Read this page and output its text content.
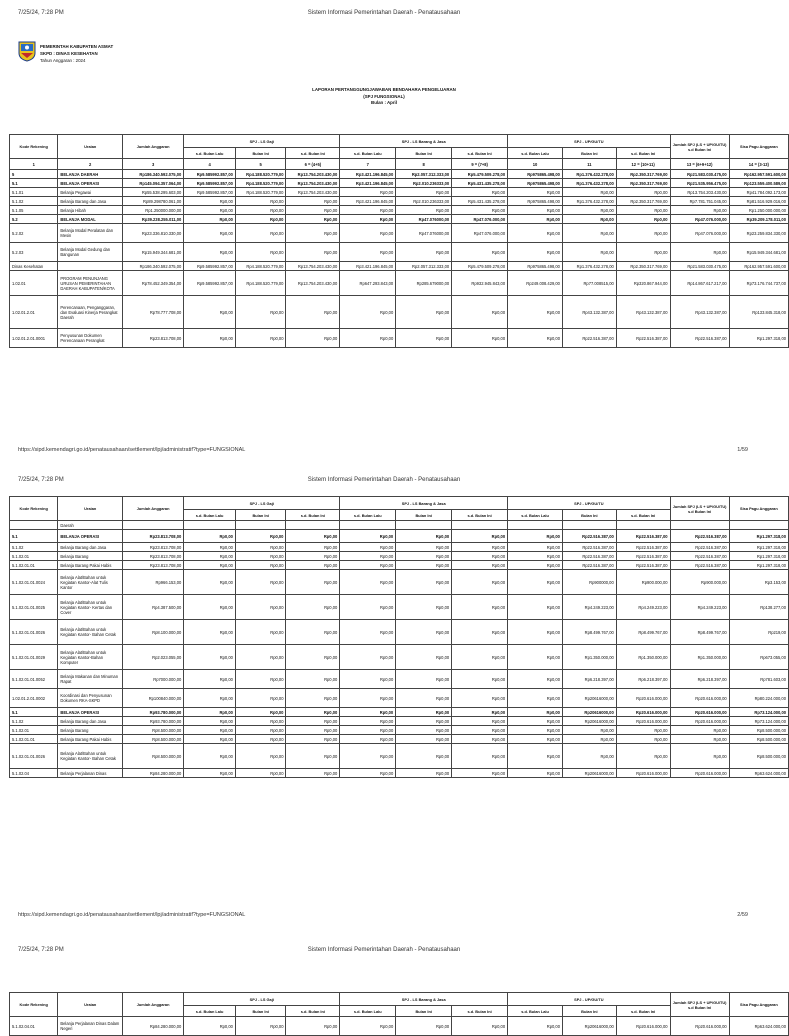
7/25/24, 7:28 PM	Sistem Informasi Pemerintahan Daerah - Penatausahaan
PEMERINTAH KABUPATEN ASMAT
SKPD : DINAS KESEHATAN
Tahun Anggaran : 2024
LAPORAN PERTANGGUNGJAWABAN BENDAHARA PENGELUARAN
(SPJ FUNGSIONAL)
Bulan : April
Kode Rekening	Uraian	Jumlah Anggaran	SPJ - LS Gaji			SPJ - LS Barang & Jasa			SPJ - UP/GU/TU			Jumlah SPJ (LS + UP/GU/TU) s.d Bulan Ini	Sisa Pagu Anggaran
			s.d. Bulan Lalu	Bulan Ini	s.d. Bulan Ini	s.d. Bulan Lalu	Bulan Ini	s.d. Bulan Ini	s.d. Bulan Lalu	Bulan Ini	s.d. Bulan Ini		
1	2	3	4	5	6 = (4+5)	7	8	9 = (7+8)	10	11	12 = (10+11)	13 = (6+9+12)	14 = (3-13)
5	BELANJA DAERAH	Rp186.340.592.075,00	Rp9.585992.857,00	Rp4.188.520.779,00	Rp13.754.203.430,00	Rp3.421.196.845,00	Rp2.057.312.333,00	Rp5.479.509.278,00	Rp975865.498,00	Rp1.376.432.278,00	Rp2.350.317.769,00	Rp21.583.030.475,00	Rp162.957.591.600,00
5.1	BELANJA OPERASI	Rp145.094.357.064,00	Rp9.585992.857,00	Rp4.188.520.779,00	Rp13.754.203.430,00	Rp3.421.196.845,00	Rp2.010.236333,00	Rp5.431.435.278,00	Rp975865.498,00	Rp1.376.432.278,00	Rp2.350.317.769,00	Rp21.535.956.475,00	Rp123.559.400.589,00
5.1.01	Belanja Pegawai	Rp55.538.295.603,00	Rp9.585992.857,00	Rp4.188.520.779,00	Rp13.754.203.430,00	Rp0,00	Rp0,00	Rp0,00	Rp0,00	Rp0,00	Rp0,00	Rp13.754.203.430,00	Rp41.784.092.173,00
5.1.02	Belanja Barang dan Jasa	Rp89.298780.061,00	Rp0,00	Rp0,00	Rp0,00	Rp3.421.196.845,00	Rp2.010.236333,00	Rp5.431.435.278,00	Rp975865.498,00	Rp1.376.432.278,00	Rp2.350.317.769,00	Rp7.781.751.045,00	Rp81.516.929.016,00
5.1.05	Belanja Hibah	Rp1.250000.000,00	Rp0,00	Rp0,00	Rp0,00	Rp0,00	Rp0,00	Rp0,00	Rp0,00	Rp0,00	Rp0,00	Rp0,00	Rp1.250.000.000,00
5.2	BELANJA MODAL	Rp39.238.255.011,00	Rp0,00	Rp0,00	Rp0,00	Rp0,00	Rp47.076000,00	Rp47.076.000,00	Rp0,00	Rp0,00	Rp0,00	Rp47.076.000,00	Rp39.209.178.011,00
5.2.02	Belanja Modal Peralatan dan Mesin	Rp23.336.810.330,00	Rp0,00	Rp0,00	Rp0,00	Rp0,00	Rp47.076000,00	Rp47.076.000,00	Rp0,00	Rp0,00	Rp0,00	Rp47.076.000,00	Rp23.259.834.330,00
5.2.03	Belanja Modal Gedung dan Bangunan	Rp15.949.344.681,00	Rp0,00	Rp0,00	Rp0,00	Rp0,00	Rp0,00	Rp0,00	Rp0,00	Rp0,00	Rp0,00	Rp0,00	Rp15.949.344.681,00
Dinas Kesehatan		Rp186.340.592.075,00	Rp9.585992.857,00	Rp4.188.520.779,00	Rp13.754.203.430,00	Rp3.421.196.845,00	Rp2.057.312.333,00	Rp5.479.509.278,00	Rp975865.498,00	Rp1.376.432.278,00	Rp2.350.317.769,00	Rp21.583.030.475,00	Rp162.957.591.600,00
1.02.01	PROGRAM PENUNJANG URUSAN PEMERINTAHAN DAERAH KABUPATEN/KOTA	Rp78.452.349.354,00	Rp9.585992.857,00	Rp4.188.520.779,00	Rp13.754.203.430,00	Rp647.293.843,00	Rp285.679000,00	Rp932.945.843,00	Rp249.008.429,00	Rp77.008515,00	Rp320.867.944,00	Rp14.867.617.217,00	Rp73.176.744.737,00
1.02.01.2.01	Perencanaan, Penganggaran, dan Evaluasi Kinerja Perangkat Daerah	Rp78.777.708,00	Rp0,00	Rp0,00	Rp0,00	Rp0,00	Rp0,00	Rp0,00	Rp0,00	Rp43.132.387,00	Rp43.132.387,00	Rp43.132.387,00	Rp133.845.318,00
1.02.01.2.01.0001	Penyusunan Dokumen Perencanaan Perangkat	Rp23.813.708,00	Rp0,00	Rp0,00	Rp0,00	Rp0,00	Rp0,00	Rp0,00	Rp0,00	Rp22.516.387,00	Rp22.516.387,00	Rp22.516.387,00	Rp1.297.318,00
https://sipd.kemendagri.go.id/penatausahaan/settlement/lpj/administratif?type=FUNGSIONAL	1/59
7/25/24, 7:28 PM	Sistem Informasi Pemerintahan Daerah - Penatausahaan
Kode Rekening	Uraian	Jumlah Anggaran	SPJ - LS Gaji			SPJ - LS Barang & Jasa			SPJ - UP/GU/TU			Jumlah SPJ (LS + UP/GU/TU) s.d Bulan Ini	Sisa Pagu Anggaran
			s.d. Bulan Lalu	Bulan Ini	s.d. Bulan Ini	s.d. Bulan Lalu	Bulan Ini	s.d. Bulan Ini	s.d. Bulan Lalu	Bulan Ini	s.d. Bulan Ini		
	Daerah												
5.1	BELANJA OPERASI	Rp23.813.708,00	Rp0,00	Rp0,00	Rp0,00	Rp0,00	Rp0,00	Rp0,00	Rp0,00	Rp22.516.387,00	Rp22.516.387,00	Rp22.516.387,00	Rp1.297.318,00
5.1.02	Belanja Barang dan Jasa	Rp23.813.708,00	Rp0,00	Rp0,00	Rp0,00	Rp0,00	Rp0,00	Rp0,00	Rp0,00	Rp22.516.387,00	Rp22.516.387,00	Rp22.516.387,00	Rp1.297.318,00
5.1.02.01	Belanja Barang	Rp23.813.708,00	Rp0,00	Rp0,00	Rp0,00	Rp0,00	Rp0,00	Rp0,00	Rp0,00	Rp22.516.387,00	Rp22.516.387,00	Rp22.516.387,00	Rp1.297.318,00
5.1.02.01.01	Belanja Barang Pakai Habis	Rp23.813.708,00	Rp0,00	Rp0,00	Rp0,00	Rp0,00	Rp0,00	Rp0,00	Rp0,00	Rp22.516.387,00	Rp22.516.387,00	Rp22.516.387,00	Rp1.297.318,00
5.1.02.01.01.0024	Belanja Alat/Bahan untuk Kegiatan Kantor-Alat Tulis Kantor	Rp966.153,00	Rp0,00	Rp0,00	Rp0,00	Rp0,00	Rp0,00	Rp0,00	Rp0,00	Rp900000,00	Rp900.000,00	Rp900.000,00	Rp3.153,00
5.1.02.01.01.0025	Belanja Alat/Bahan untuk Kegiatan Kantor- Kertas dan Cover	Rp4.387.500,00	Rp0,00	Rp0,00	Rp0,00	Rp0,00	Rp0,00	Rp0,00	Rp0,00	Rp4.249.223,00	Rp4.249.223,00	Rp4.249.223,00	Rp138.277,00
5.1.02.01.01.0026	Belanja Alat/Bahan untuk Kegiatan Kantor- Bahan Cetak	Rp8.100.000,00	Rp0,00	Rp0,00	Rp0,00	Rp0,00	Rp0,00	Rp0,00	Rp0,00	Rp8.499.767,00	Rp8.499.767,00	Rp8.499.767,00	Rp219,00
5.1.02.01.01.0029	Belanja Alat/Bahan untuk Kegiatan Kantor-Bahan Komputer	Rp2.023.055,00	Rp0,00	Rp0,00	Rp0,00	Rp0,00	Rp0,00	Rp0,00	Rp0,00	Rp1.350.000,00	Rp1.350.000,00	Rp1.350.000,00	Rp673.055,00
5.1.02.01.01.0052	Belanja Makanan dan Minuman Rapat	Rp7000.000,00	Rp0,00	Rp0,00	Rp0,00	Rp0,00	Rp0,00	Rp0,00	Rp0,00	Rp6.218.397,00	Rp6.218.397,00	Rp6.218.397,00	Rp781.603,00
1.02.01.2.01.0002	Koordinasi dan Penyusunan Dokumen RKA-SKPD	Rp100840.000,00	Rp0,00	Rp0,00	Rp0,00	Rp0,00	Rp0,00	Rp0,00	Rp0,00	Rp20616000,00	Rp20.616.000,00	Rp20.616.000,00	Rp80.224.000,00
5.1	BELANJA OPERASI	Rp93.780.000,00	Rp0,00	Rp0,00	Rp0,00	Rp0,00	Rp0,00	Rp0,00	Rp0,00	Rp20616000,00	Rp20.616.000,00	Rp20.616.000,00	Rp73.124.000,00
5.1.02	Belanja Barang dan Jasa	Rp93.780.000,00	Rp0,00	Rp0,00	Rp0,00	Rp0,00	Rp0,00	Rp0,00	Rp0,00	Rp20616000,00	Rp20.616.000,00	Rp20.616.000,00	Rp73.124.000,00
5.1.02.01	Belanja Barang	Rp8.500.000,00	Rp0,00	Rp0,00	Rp0,00	Rp0,00	Rp0,00	Rp0,00	Rp0,00	Rp0,00	Rp0,00	Rp0,00	Rp8.500.000,00
5.1.02.01.01	Belanja Barang Pakai Habis	Rp8.500.000,00	Rp0,00	Rp0,00	Rp0,00	Rp0,00	Rp0,00	Rp0,00	Rp0,00	Rp0,00	Rp0,00	Rp0,00	Rp8.500.000,00
5.1.02.01.01.0026	Belanja Alat/Bahan untuk Kegiatan Kantor- Bahan Cetak	Rp8.500.000,00	Rp0,00	Rp0,00	Rp0,00	Rp0,00	Rp0,00	Rp0,00	Rp0,00	Rp0,00	Rp0,00	Rp0,00	Rp8.500.000,00
5.1.02.04	Belanja Perjalanan Dinas	Rp84.280.000,00	Rp0,00	Rp0,00	Rp0,00	Rp0,00	Rp0,00	Rp0,00	Rp0,00	Rp20616000,00	Rp20.616.000,00	Rp20.616.000,00	Rp63.624.000,00
https://sipd.kemendagri.go.id/penatausahaan/settlement/lpj/administratif?type=FUNGSIONAL	2/59
7/25/24, 7:28 PM	Sistem Informasi Pemerintahan Daerah - Penatausahaan
Kode Rekening	Uraian	Jumlah Anggaran	SPJ - LS Gaji			SPJ - LS Barang & Jasa			SPJ - UP/GU/TU			Jumlah SPJ (LS + UP/GU/TU) s.d Bulan Ini	Sisa Pagu Anggaran
			s.d. Bulan Lalu	Bulan Ini	s.d. Bulan Ini	s.d. Bulan Lalu	Bulan Ini	s.d. Bulan Ini	s.d. Bulan Lalu	Bulan Ini	s.d. Bulan Ini		
5.1.02.04.01	Belanja Perjalanan Dinas Dalam Negeri	Rp84.280.000,00	Rp0,00	Rp0,00	Rp0,00	Rp0,00	Rp0,00	Rp0,00	Rp0,00	Rp20616000,00	Rp20.616.000,00	Rp20.616.000,00	Rp63.624.000,00
